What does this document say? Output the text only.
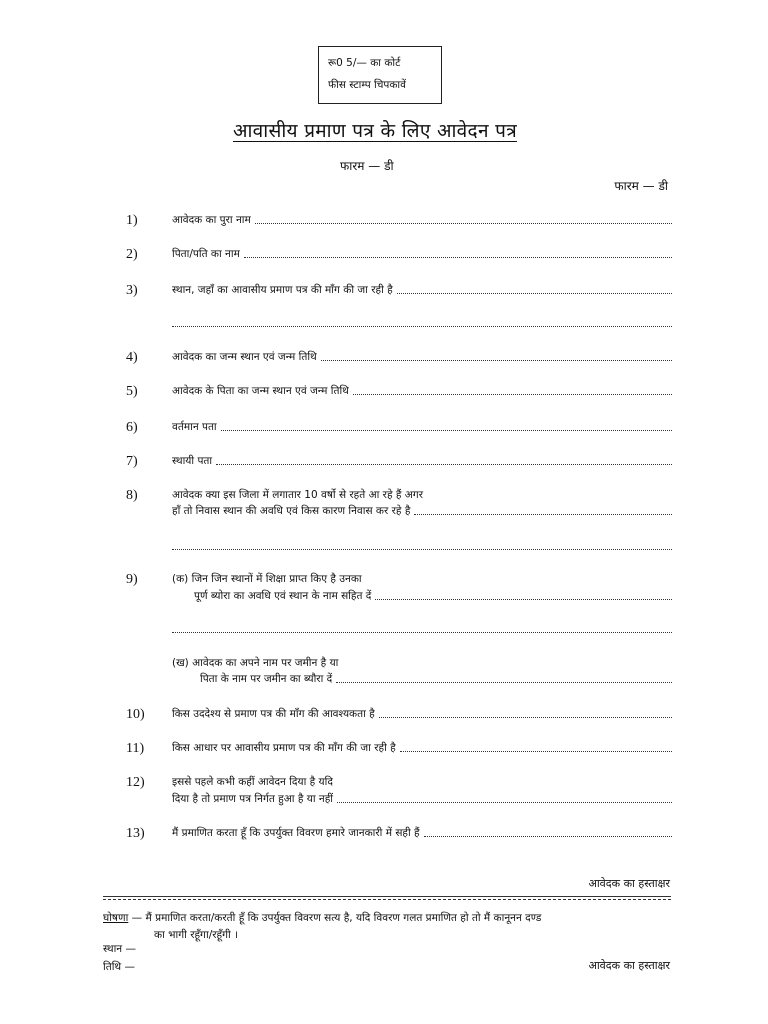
रू0 5/— का कोर्ट
फीस स्टाम्प चिपकावें
आवासीय प्रमाण पत्र के लिए आवेदन पत्र
फारम — डी
फारम — डी
1)	आवेदक का पुरा नाम
2)	पिता/पति का नाम
3)	स्थान, जहाँ का आवासीय प्रमाण पत्र की माँग की जा रही है
4)	आवेदक का जन्म स्थान एवं जन्म तिथि
5)	आवेदक के पिता का जन्म स्थान एवं जन्म तिथि
6)	वर्तमान पता
7)	स्थायी पता
8)	आवेदक क्या इस जिला में लगातार 10 वर्षो से रहते आ रहे हैं अगर
हाँ तो निवास स्थान की अवधि एवं किस कारण निवास कर रहे है
9)	(क) जिन जिन स्थानों में शिक्षा प्राप्त किए है उनका
पूर्ण ब्योरा का अवधि एवं स्थान के नाम सहित दें
(ख) आवेदक का अपने नाम पर जमीन है या
पिता के नाम पर जमीन का ब्यौरा दें
10)	किस उददेश्य से प्रमाण पत्र की माँग की आवश्यकता है
11)	किस आधार पर आवासीय प्रमाण पत्र की माँग की जा रही है
12)	इससे पहले कभी कहीं आवेदन दिया है यदि
दिया है तो प्रमाण पत्र निर्गत हुआ है या नहीं
13)	मैं प्रमाणित करता हूँ कि उपर्युक्त विवरण हमारे जानकारी में सही हैं
आवेदक का हस्ताक्षर
घोषणा — मैं प्रमाणित करता/करती हूँ कि उपर्युक्त विवरण सत्य है, यदि विवरण गलत प्रमाणित हो तो मैं कानूनन दण्ड
का भागी रहूँगा/रहूँगी ।
स्थान —
तिथि —	आवेदक का हस्ताक्षर
